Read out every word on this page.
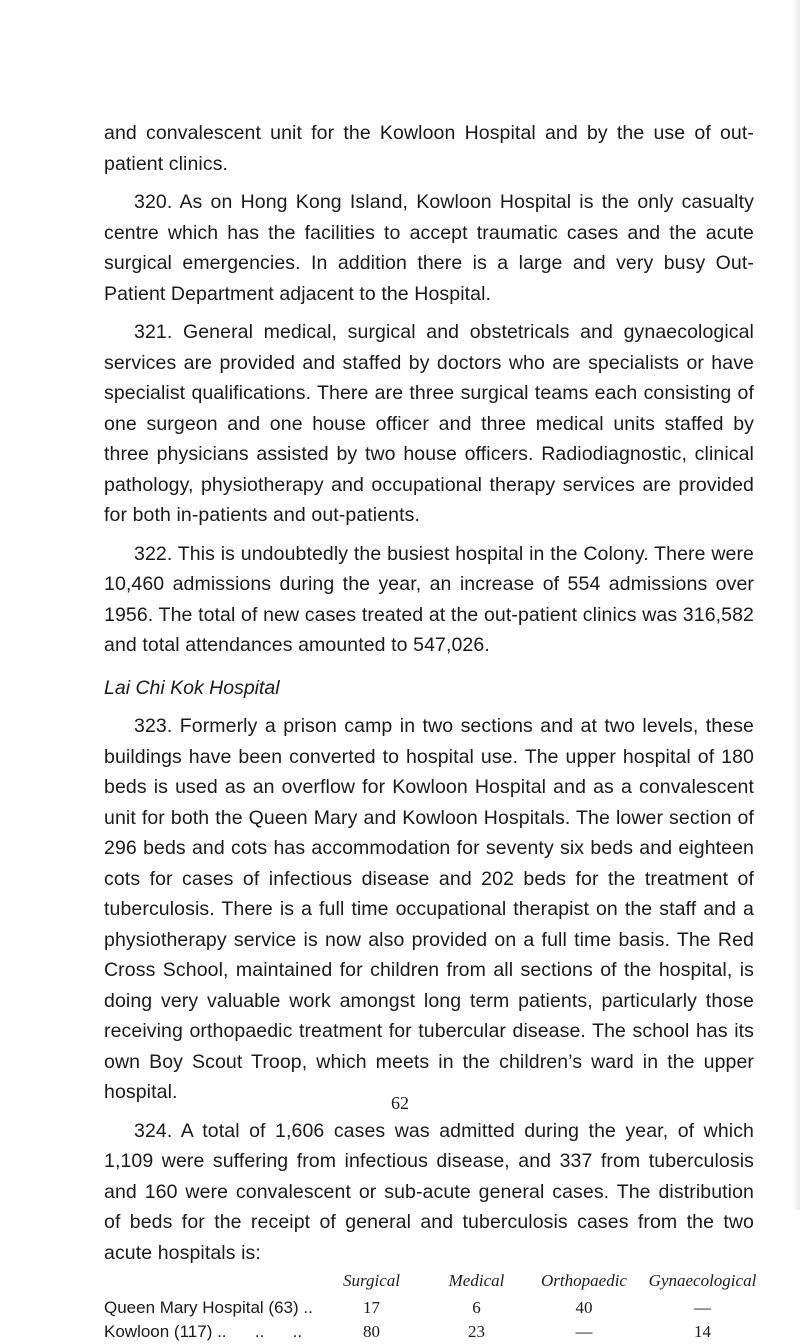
and convalescent unit for the Kowloon Hospital and by the use of out-patient clinics.

320. As on Hong Kong Island, Kowloon Hospital is the only casualty centre which has the facilities to accept traumatic cases and the acute surgical emergencies. In addition there is a large and very busy Out-Patient Department adjacent to the Hospital.

321. General medical, surgical and obstetricals and gynaecological services are provided and staffed by doctors who are specialists or have specialist qualifications. There are three surgical teams each consisting of one surgeon and one house officer and three medical units staffed by three physicians assisted by two house officers. Radiodiagnostic, clinical pathology, physiotherapy and occupational therapy services are provided for both in-patients and out-patients.

322. This is undoubtedly the busiest hospital in the Colony. There were 10,460 admissions during the year, an increase of 554 admissions over 1956. The total of new cases treated at the out-patient clinics was 316,582 and total attendances amounted to 547,026.

Lai Chi Kok Hospital

323. Formerly a prison camp in two sections and at two levels, these buildings have been converted to hospital use. The upper hospital of 180 beds is used as an overflow for Kowloon Hospital and as a convalescent unit for both the Queen Mary and Kowloon Hospitals. The lower section of 296 beds and cots has accommodation for seventy six beds and eighteen cots for cases of infectious disease and 202 beds for the treatment of tuberculosis. There is a full time occupational therapist on the staff and a physiotherapy service is now also provided on a full time basis. The Red Cross School, maintained for children from all sections of the hospital, is doing very valuable work amongst long term patients, particularly those receiving orthopaedic treatment for tubercular disease. The school has its own Boy Scout Troop, which meets in the children’s ward in the upper hospital.

324. A total of 1,606 cases was admitted during the year, of which 1,109 were suffering from infectious disease, and 337 from tuberculosis and 160 were convalescent or sub-acute general cases. The distribution of beds for the receipt of general and tuberculosis cases from the two acute hospitals is:

	Surgical	Medical	Orthopaedic	Gynaecological
Queen Mary Hospital (63) ..	17	6	40	—
Kowloon (117) ..      ..      ..	80	23	—	14
62
